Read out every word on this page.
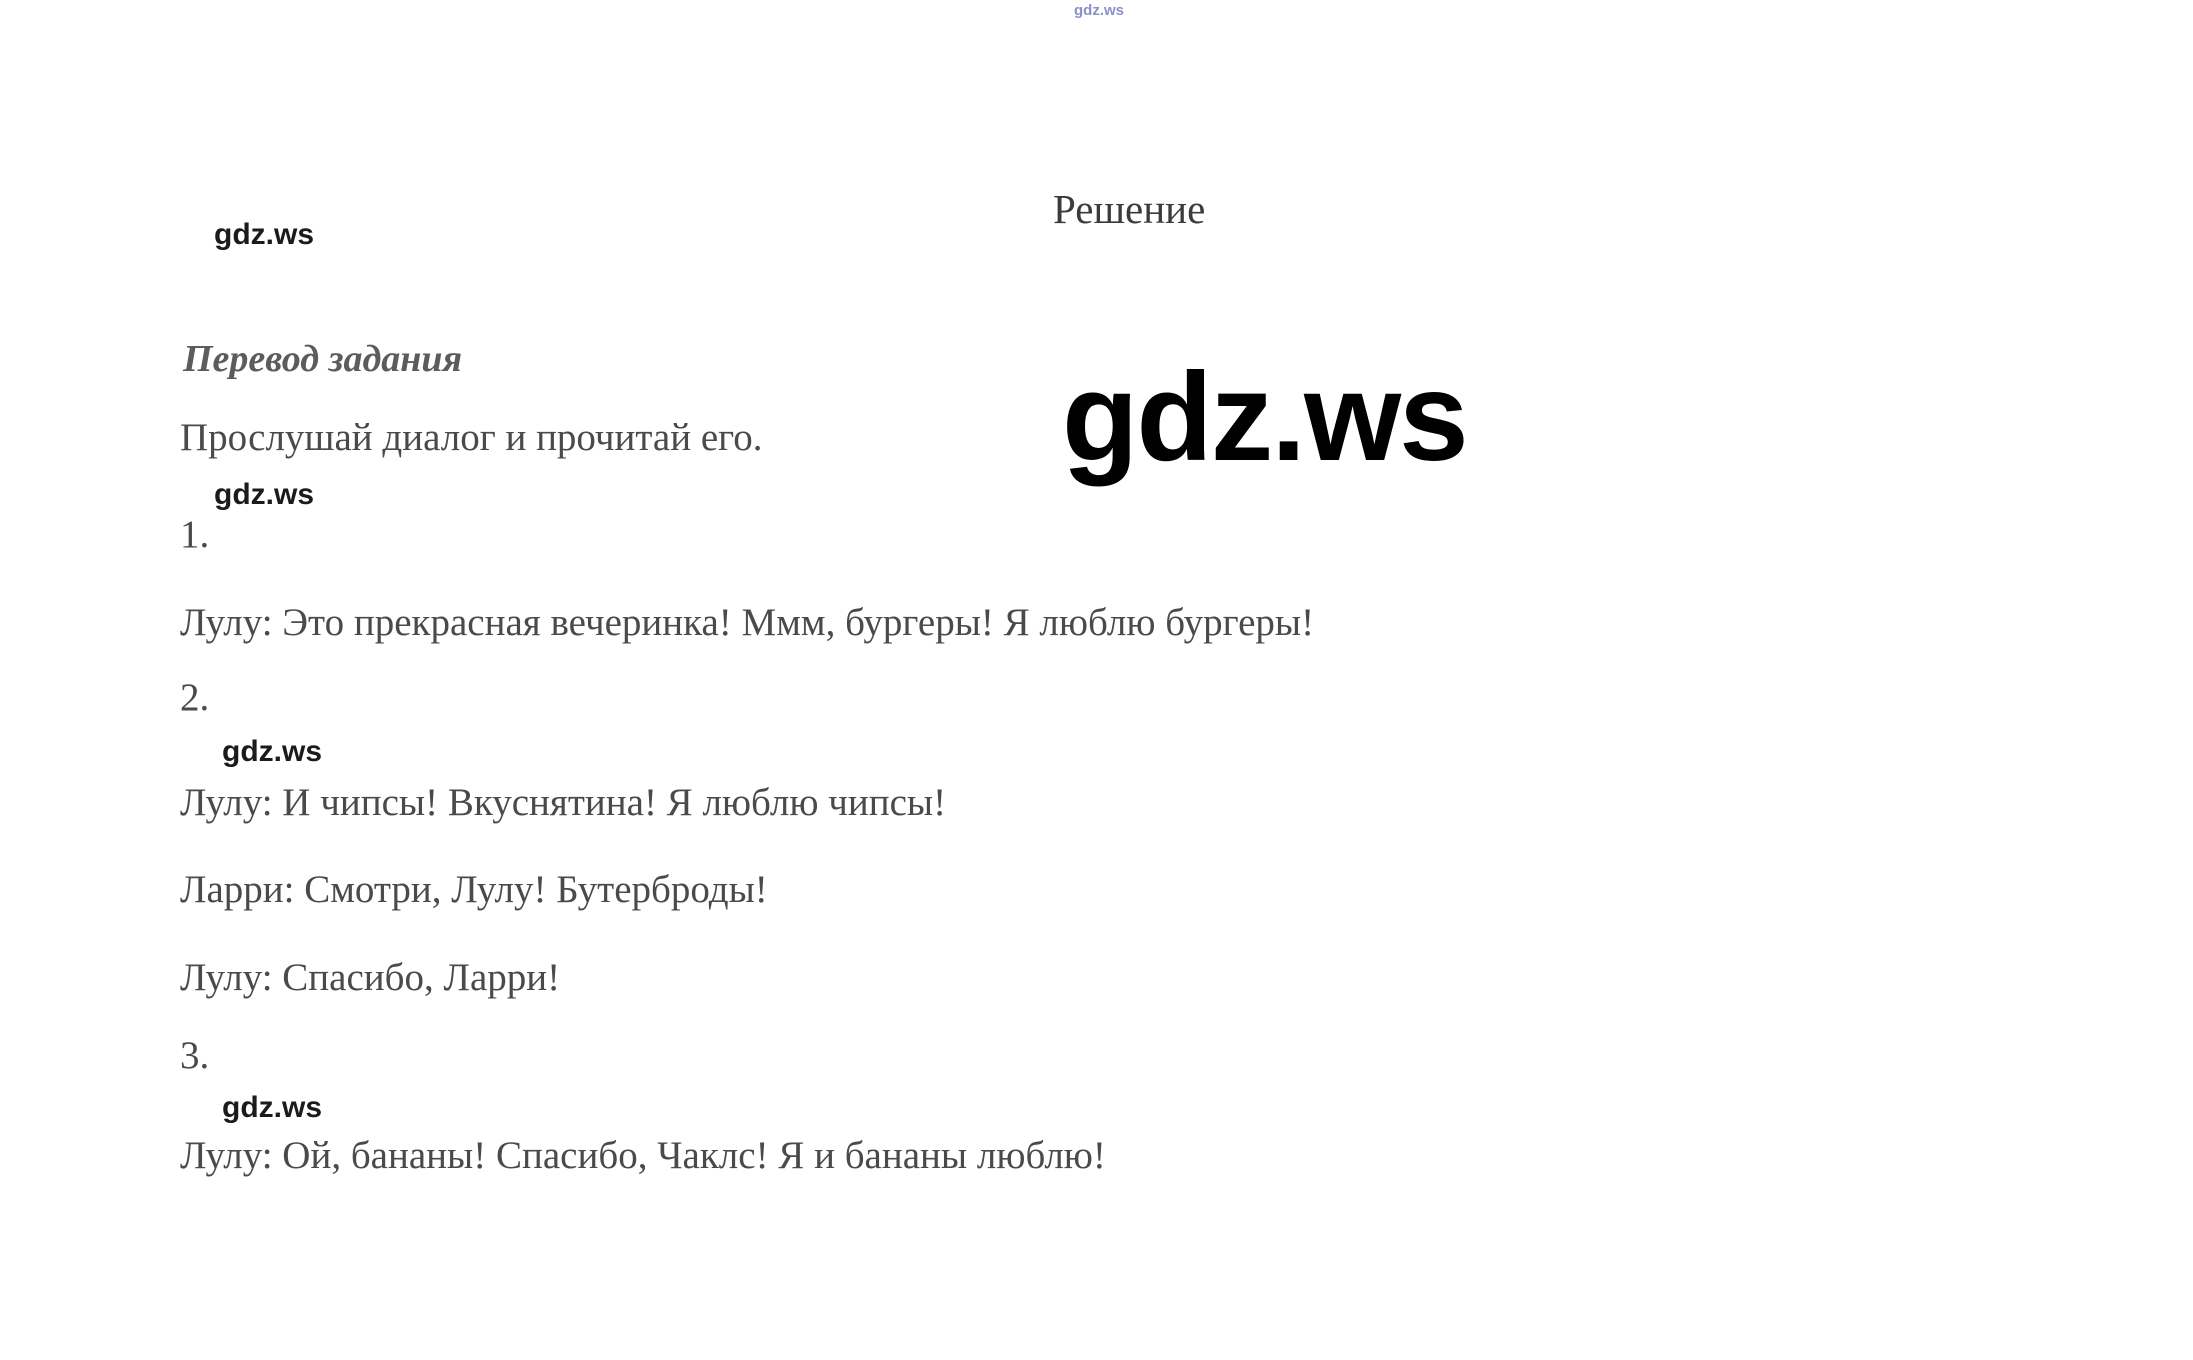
gdz.ws
gdz.ws
Решение
Перевод задания
Прослушай диалог и прочитай его.
gdz.ws
gdz.ws
1.
Лулу: Это прекрасная вечеринка! Ммм, бургеры! Я люблю бургеры!
2.
gdz.ws
Лулу: И чипсы! Вкуснятина! Я люблю чипсы!
Ларри: Смотри, Лулу! Бутерброды!
Лулу: Спасибо, Ларри!
3.
gdz.ws
Лулу: Ой, бананы! Спасибо, Чаклс! Я и бананы люблю!
